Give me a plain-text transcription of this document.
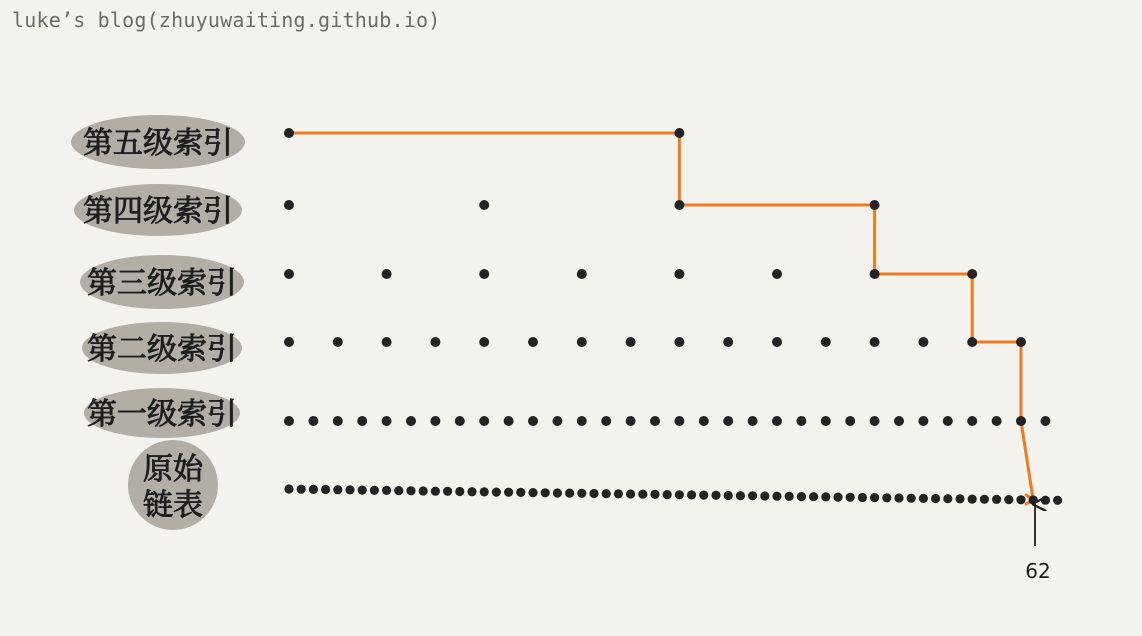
luke’s blog(zhuyuwaiting.github.io)
第五级索引
第四级索引
第三级索引
第二级索引
第一级索引
原始
链表
62
